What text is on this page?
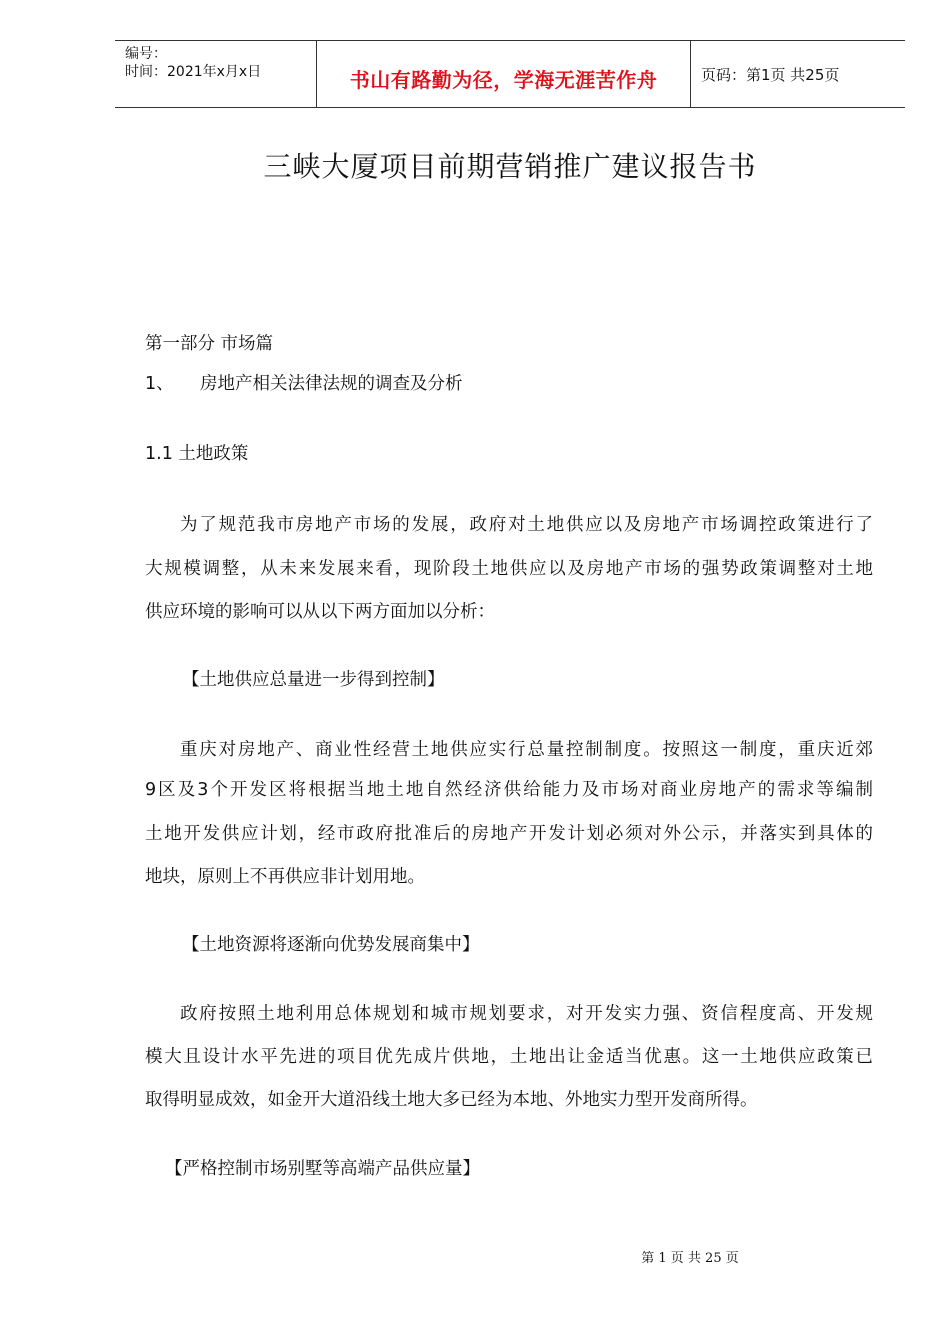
编号：
时间：2021年x月x日	书山有路勤为径，学海无涯苦作舟	页码：第1页 共25页
三峡大厦项目前期营销推广建议报告书
第一部分 市场篇
1、 房地产相关法律法规的调查及分析
1.1 土地政策
为了规范我市房地产市场的发展，政府对土地供应以及房地产市场调控政策进行了
大规模调整，从未来发展来看，现阶段土地供应以及房地产市场的强势政策调整对土地
供应环境的影响可以从以下两方面加以分析：
【土地供应总量进一步得到控制】
重庆对房地产、商业性经营土地供应实行总量控制制度。按照这一制度，重庆近郊
9区及3个开发区将根据当地土地自然经济供给能力及市场对商业房地产的需求等编制
土地开发供应计划，经市政府批准后的房地产开发计划必须对外公示，并落实到具体的
地块，原则上不再供应非计划用地。
【土地资源将逐渐向优势发展商集中】
政府按照土地利用总体规划和城市规划要求，对开发实力强、资信程度高、开发规
模大且设计水平先进的项目优先成片供地，土地出让金适当优惠。这一土地供应政策已
取得明显成效，如金开大道沿线土地大多已经为本地、外地实力型开发商所得。
【严格控制市场别墅等高端产品供应量】
第 1 页 共 25 页
